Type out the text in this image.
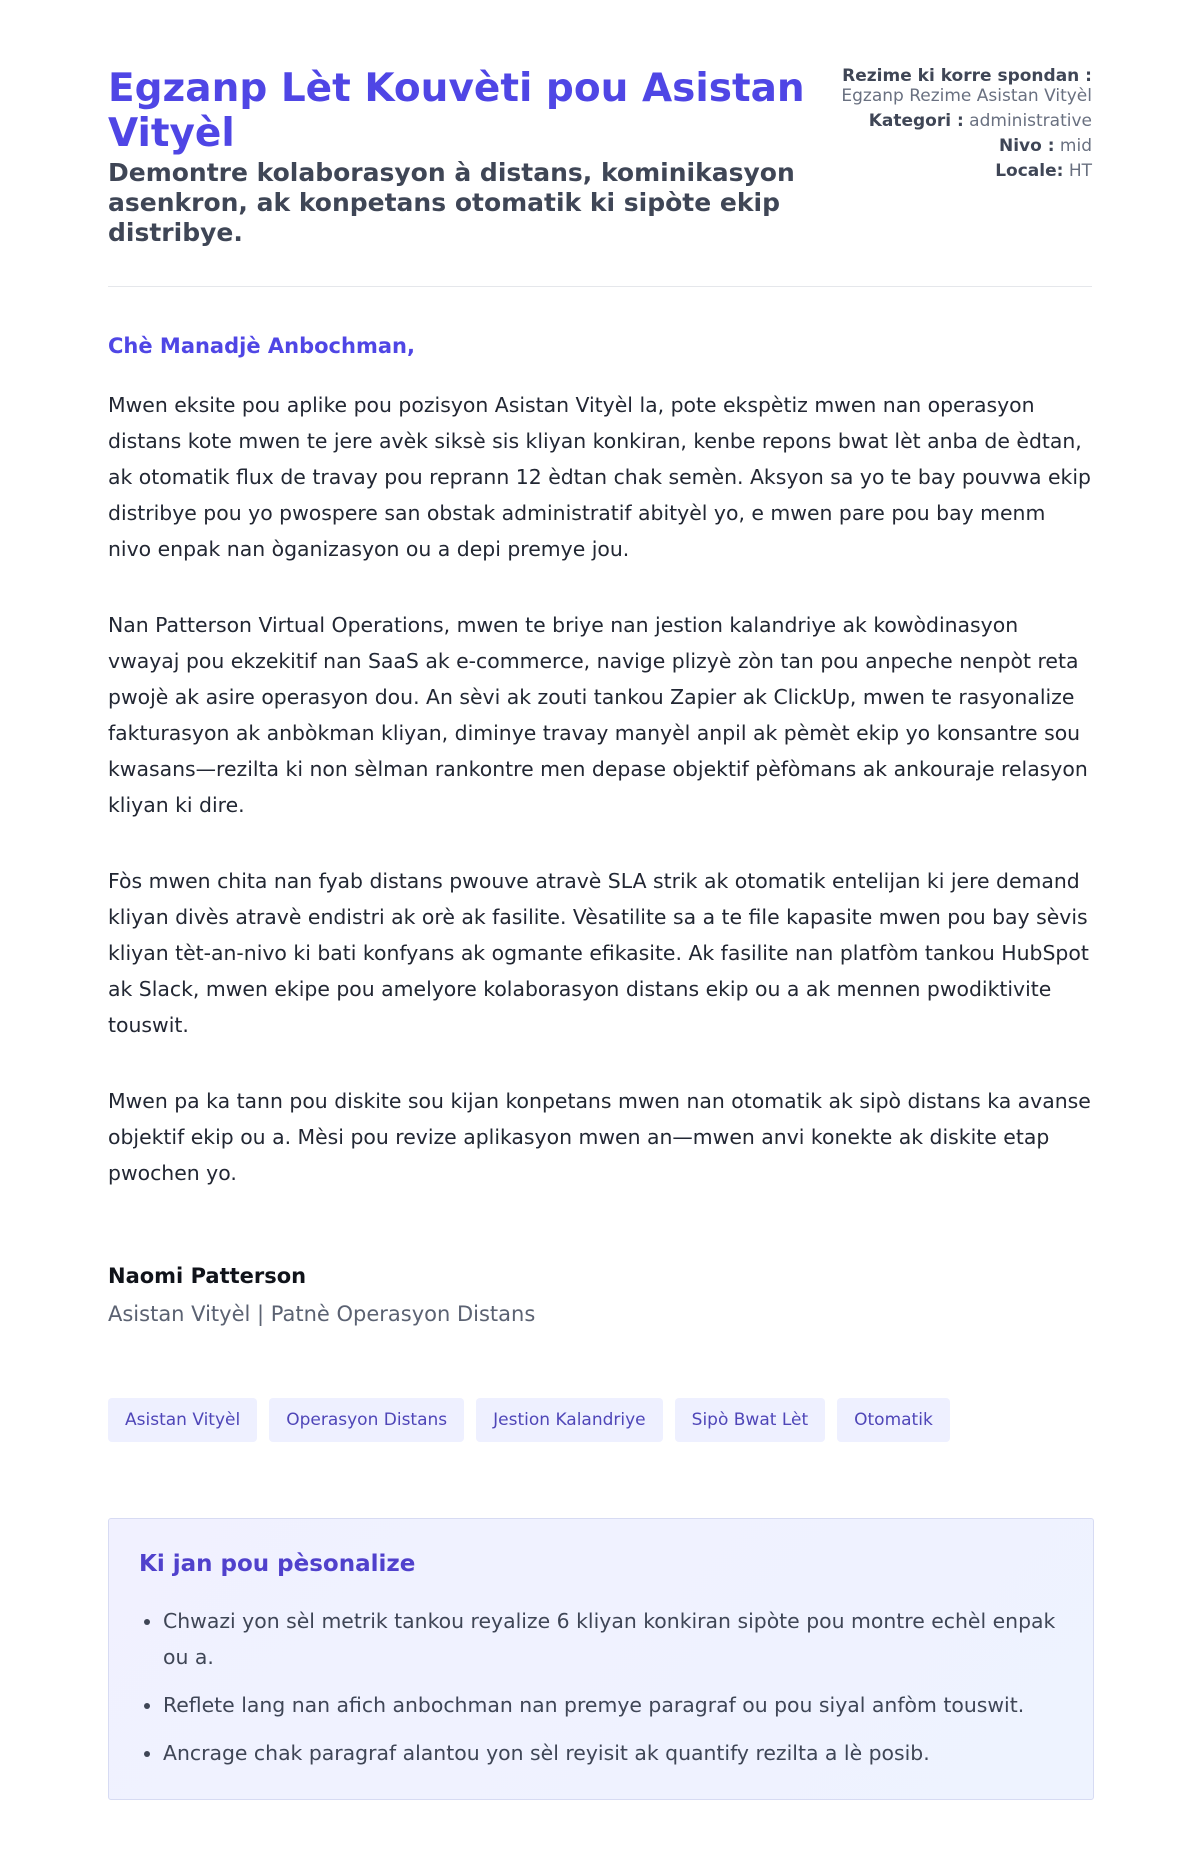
Egzanp Lèt Kouvèti pou Asistan Vityèl
Demontre kolaborasyon à distans, kominikasyon asenkron, ak konpetans otomatik ki sipòte ekip distribye.
Rezime ki korre spondan : Egzanp Rezime Asistan Vityèl
Kategori : administrative
Nivo : mid
Locale: HT

Chè Manadjè Anbochman,

Mwen eksite pou aplike pou pozisyon Asistan Vityèl la, pote ekspètiz mwen nan operasyon distans kote mwen te jere avèk siksè sis kliyan konkiran, kenbe repons bwat lèt anba de èdtan, ak otomatik flux de travay pou reprann 12 èdtan chak semèn. Aksyon sa yo te bay pouvwa ekip distribye pou yo pwospere san obstak administratif abityèl yo, e mwen pare pou bay menm nivo enpak nan òganizasyon ou a depi premye jou.

Nan Patterson Virtual Operations, mwen te briye nan jestion kalandriye ak kowòdinasyon vwayaj pou ekzekitif nan SaaS ak e-commerce, navige plizyè zòn tan pou anpeche nenpòt reta pwojè ak asire operasyon dou. An sèvi ak zouti tankou Zapier ak ClickUp, mwen te rasyonalize fakturasyon ak anbòkman kliyan, diminye travay manyèl anpil ak pèmèt ekip yo konsantre sou kwasans—rezilta ki non sèlman rankontre men depase objektif pèfòmans ak ankouraje relasyon kliyan ki dire.

Fòs mwen chita nan fyab distans pwouve atravè SLA strik ak otomatik entelijan ki jere demand kliyan divès atravè endistri ak orè ak fasilite. Vèsatilite sa a te file kapasite mwen pou bay sèvis kliyan tèt-an-nivo ki bati konfyans ak ogmante efikasite. Ak fasilite nan platfòm tankou HubSpot ak Slack, mwen ekipe pou amelyore kolaborasyon distans ekip ou a ak mennen pwodiktivite touswit.

Mwen pa ka tann pou diskite sou kijan konpetans mwen nan otomatik ak sipò distans ka avanse objektif ekip ou a. Mèsi pou revize aplikasyon mwen an—mwen anvi konekte ak diskite etap pwochen yo.

Naomi Patterson

Asistan Vityèl | Patnè Operasyon Distans

Asistan Vityèl	Operasyon Distans	Jestion Kalandriye	Sipò Bwat Lèt	Otomatik
Ki jan pou pèsonalize
• Chwazi yon sèl metrik tankou reyalize 6 kliyan konkiran sipòte pou montre echèl enpak ou a.
• Reflete lang nan afich anbochman nan premye paragraf ou pou siyal anfòm touswit.
• Ancrage chak paragraf alantou yon sèl reyisit ak quantify rezilta a lè posib.
